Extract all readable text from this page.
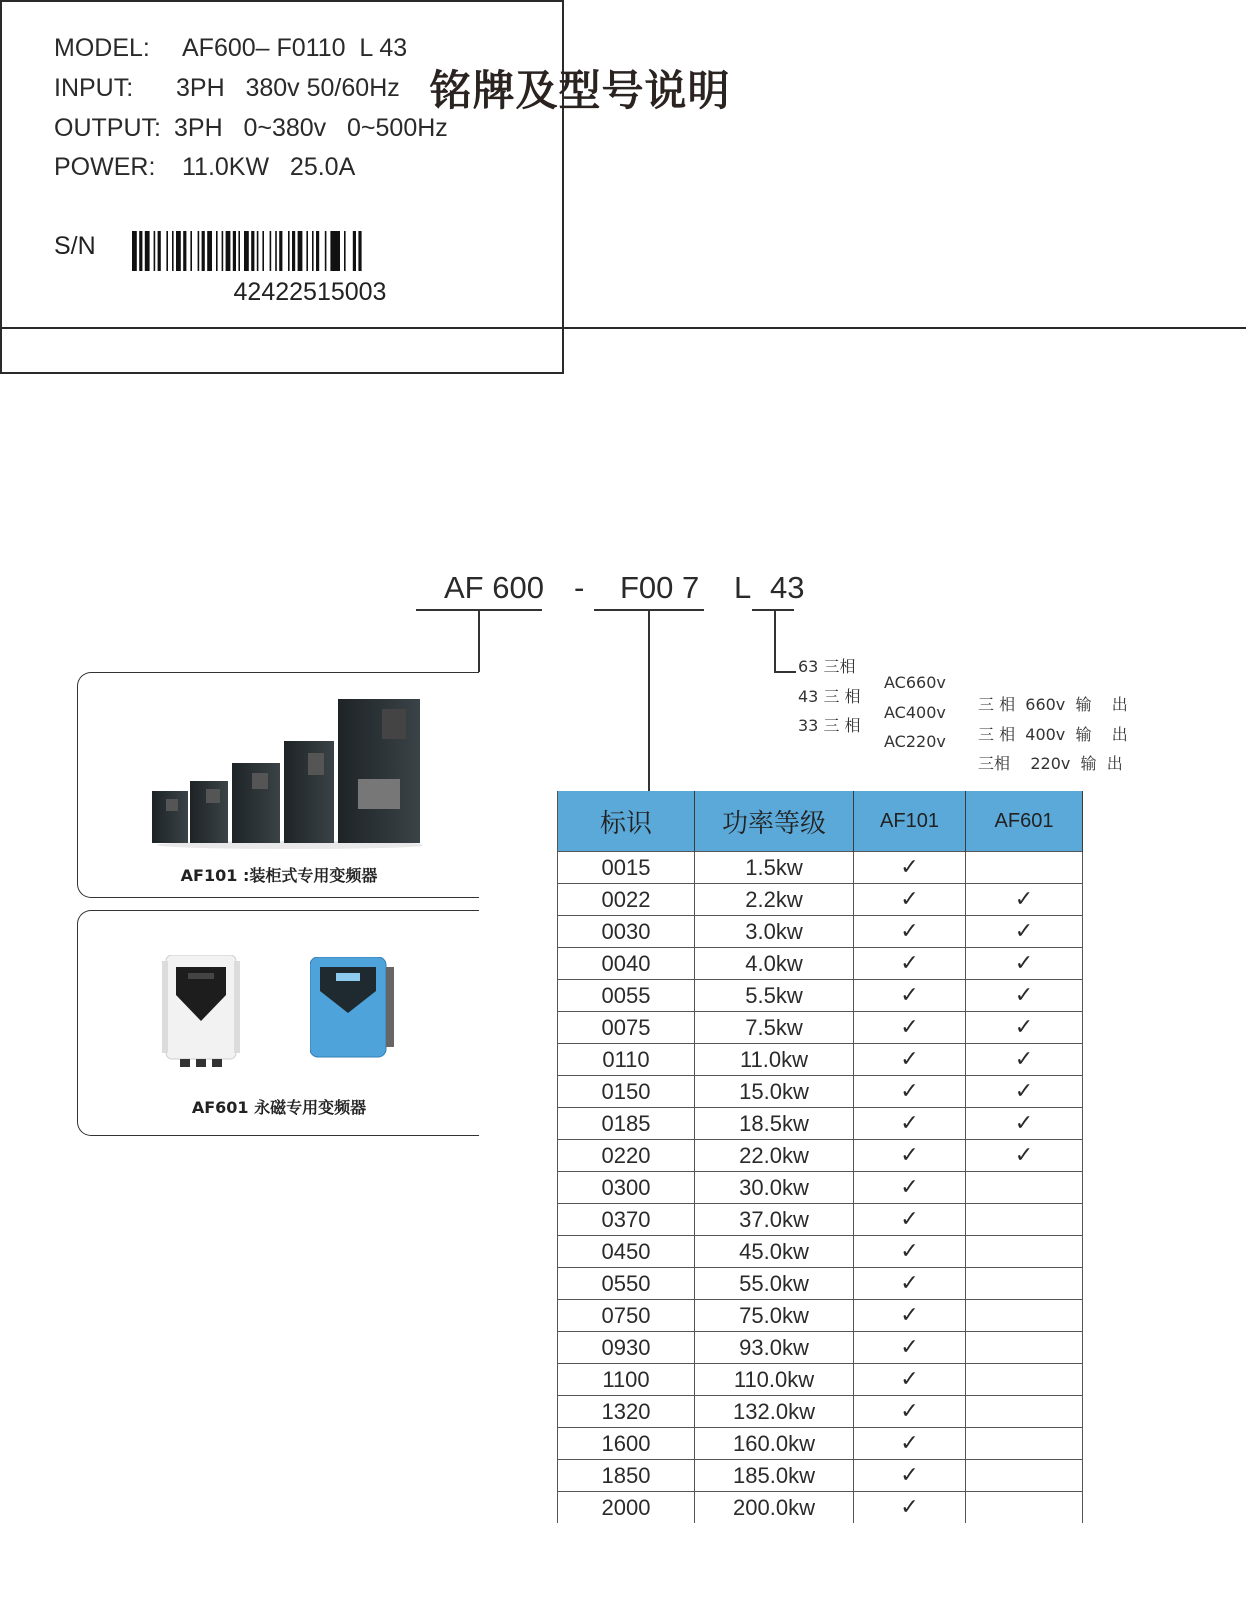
铭牌及型号说明
MODEL: AF600– F0110  L 43
INPUT: 3PH   380v 50/60Hz
OUTPUT: 3PH   0~380v   0~500Hz
POWER: 11.0KW   25.0A
S/N
42422515003
AF 600 - F00 7 L 43

63 三相

AC660v

三 相  660v  输    出

43 三 相

AC400v

三 相  400v  输    出

33 三 相

AC220v

三相    220v  输  出

AF101 :装柜式专用变频器
AF601 永磁专用变频器
标识	功率等级	AF101	AF601
0015	1.5kw	✓	
0022	2.2kw	✓	✓
0030	3.0kw	✓	✓
0040	4.0kw	✓	✓
0055	5.5kw	✓	✓
0075	7.5kw	✓	✓
0110	11.0kw	✓	✓
0150	15.0kw	✓	✓
0185	18.5kw	✓	✓
0220	22.0kw	✓	✓
0300	30.0kw	✓	
0370	37.0kw	✓	
0450	45.0kw	✓	
0550	55.0kw	✓	
0750	75.0kw	✓	
0930	93.0kw	✓	
1100	110.0kw	✓	
1320	132.0kw	✓	
1600	160.0kw	✓	
1850	185.0kw	✓	
2000	200.0kw	✓	
